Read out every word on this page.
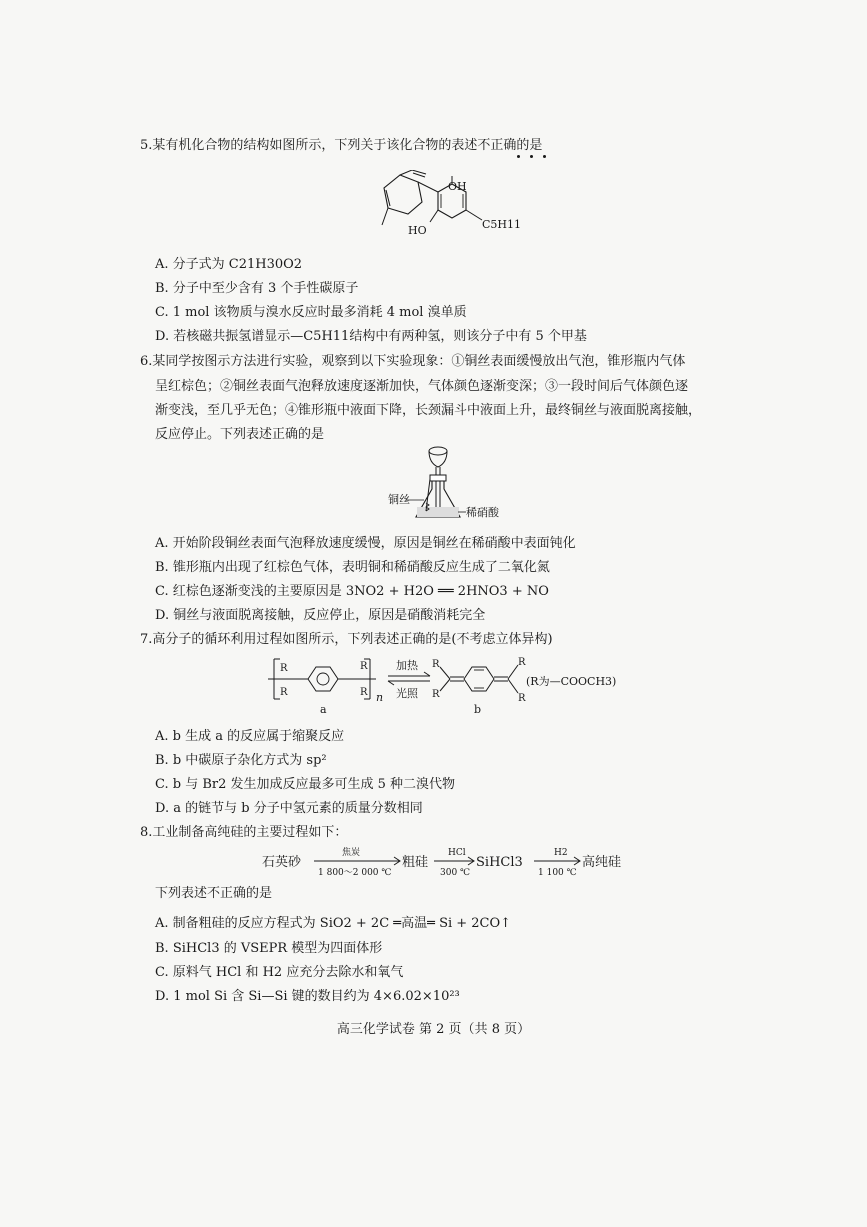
5.某有机化合物的结构如图所示，下列关于该化合物的表述不正确的是
OH
HO	C5H11
A. 分子式为 C21H30O2
B. 分子中至少含有 3 个手性碳原子
C. 1 mol 该物质与溴水反应时最多消耗 4 mol 溴单质
D. 若核磁共振氢谱显示—C5H11结构中有两种氢，则该分子中有 5 个甲基
6.某同学按图示方法进行实验，观察到以下实验现象：①铜丝表面缓慢放出气泡，锥形瓶内气体
呈红棕色；②铜丝表面气泡释放速度逐渐加快，气体颜色逐渐变深；③一段时间后气体颜色逐
渐变浅，至几乎无色；④锥形瓶中液面下降，长颈漏斗中液面上升，最终铜丝与液面脱离接触，
反应停止。下列表述正确的是
铜丝
稀硝酸
A. 开始阶段铜丝表面气泡释放速度缓慢，原因是铜丝在稀硝酸中表面钝化
B. 锥形瓶内出现了红棕色气体，表明铜和稀硝酸反应生成了二氧化氮
C. 红棕色逐渐变浅的主要原因是 3NO2 + H2O ══ 2HNO3 + NO
D. 铜丝与液面脱离接触，反应停止，原因是硝酸消耗完全
7.高分子的循环利用过程如图所示，下列表述正确的是(不考虑立体异构)
R
R
R
R n
a
加热
光照
R
R
R
R
b
(R为—COOCH3)
A. b 生成 a 的反应属于缩聚反应
B. b 中碳原子杂化方式为 sp²
C. b 与 Br2 发生加成反应最多可生成 5 种二溴代物
D. a 的链节与 b 分子中氢元素的质量分数相同
8.工业制备高纯硅的主要过程如下：
石英砂
焦炭
1 800～2 000 ℃
粗硅
HCl
300 ℃
SiHCl3
H2
1 100 ℃
高纯硅
下列表述不正确的是
A. 制备粗硅的反应方程式为 SiO2 + 2C ═高温═ Si + 2CO↑
B. SiHCl3 的 VSEPR 模型为四面体形
C. 原料气 HCl 和 H2 应充分去除水和氧气
D. 1 mol Si 含 Si—Si 键的数目约为 4×6.02×10²³
高三化学试卷 第 2 页（共 8 页）
